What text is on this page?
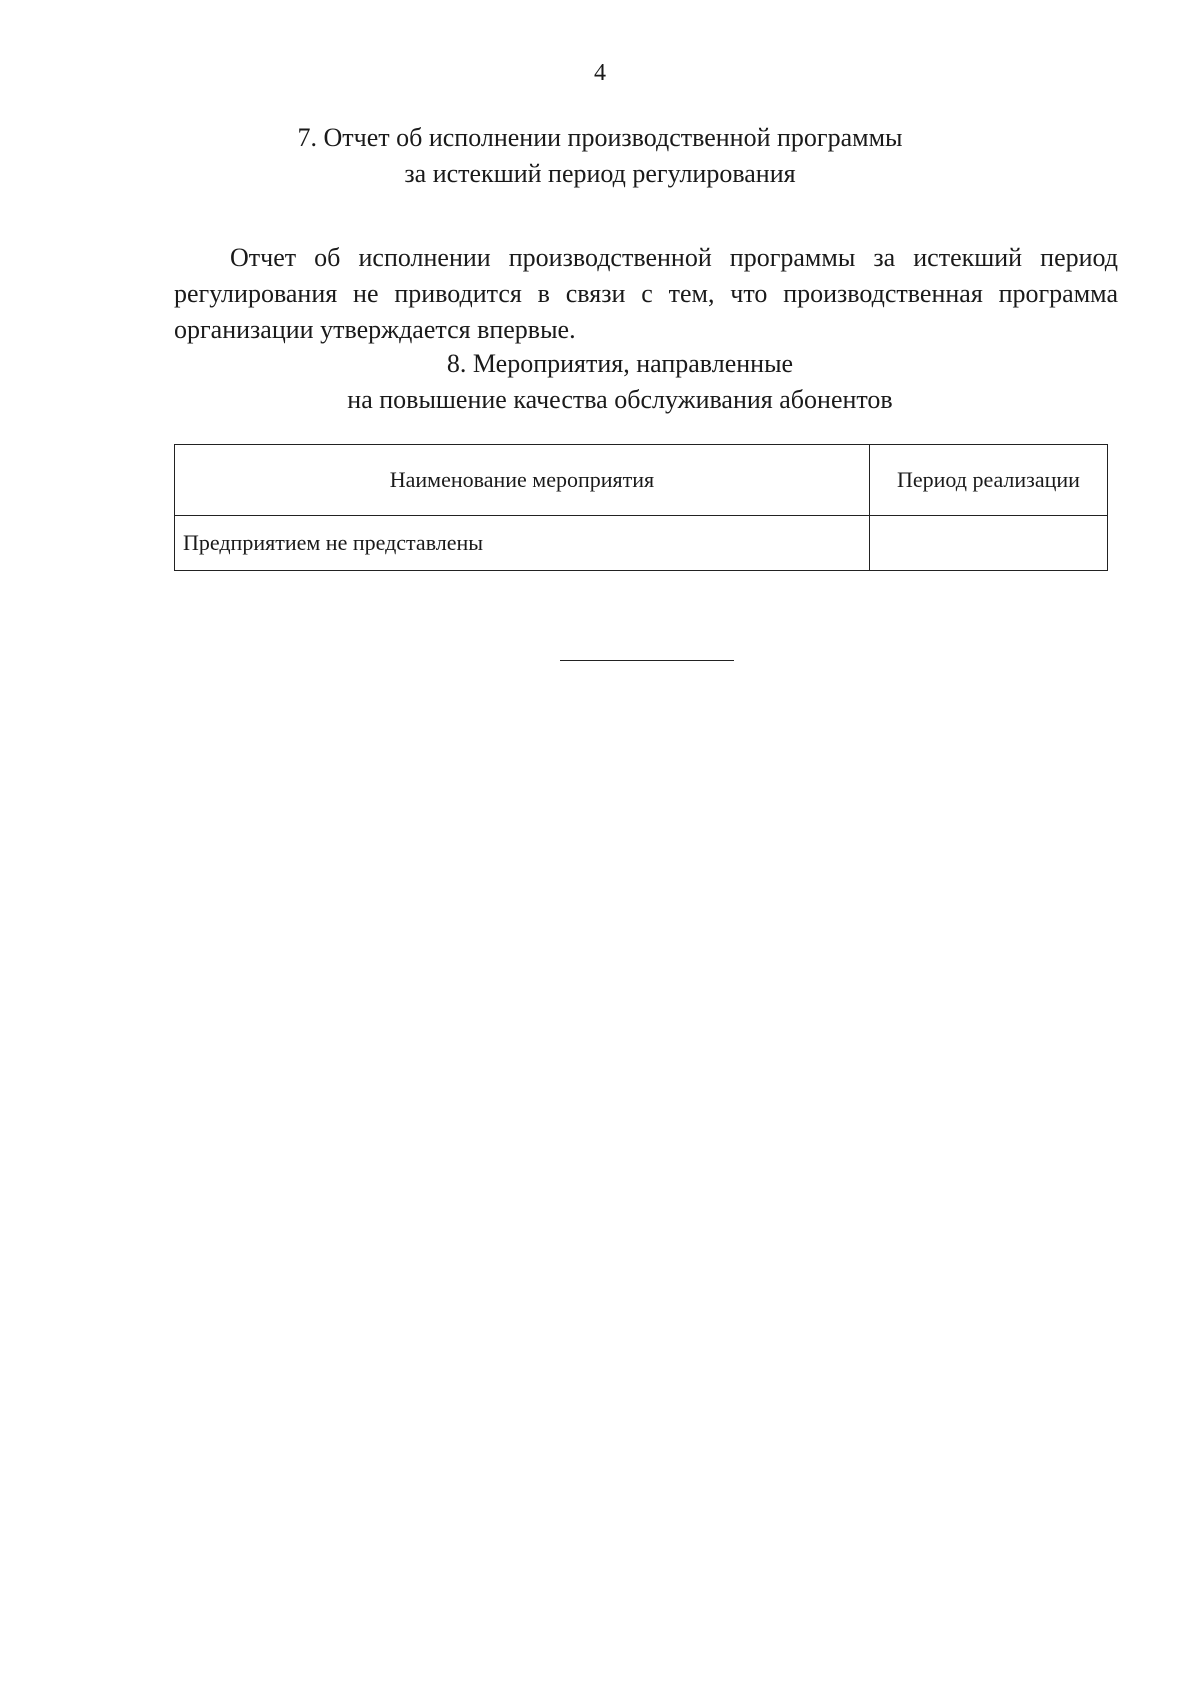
4
7. Отчет об исполнении производственной программы
за истекший период регулирования

Отчет об исполнении производственной программы за истекший период регулирования не приводится в связи с тем, что производственная программа организации утверждается впервые.

8. Мероприятия, направленные
на повышение качества обслуживания абонентов
Наименование мероприятия	Период реализации
Предприятием не представлены	
